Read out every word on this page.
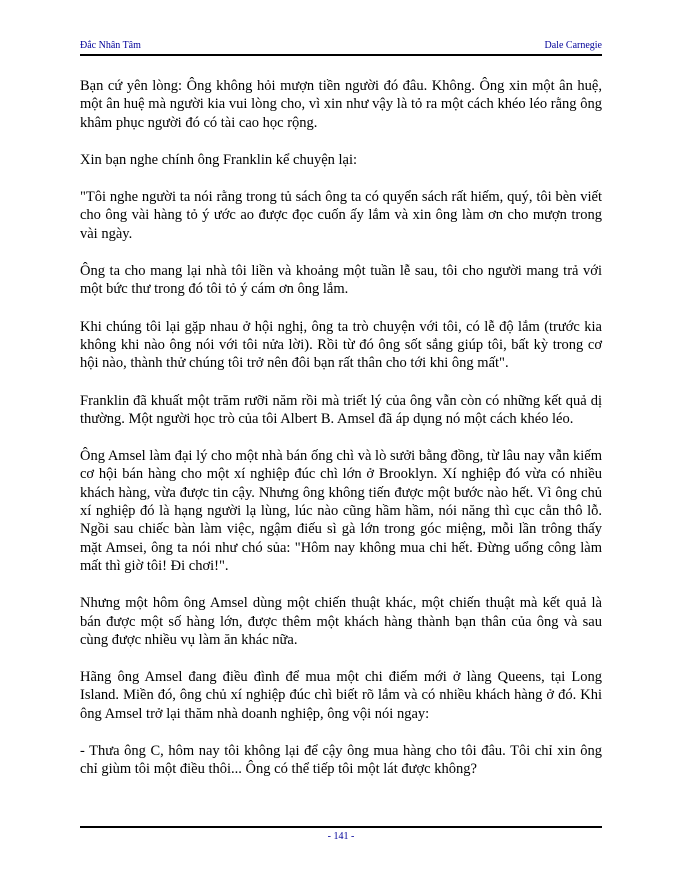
Đắc Nhân Tâm	Dale Carnegie

Bạn cứ yên lòng: Ông không hỏi mượn tiền người đó đâu. Không. Ông xin một ân huệ, một ân huệ mà người kia vui lòng cho, vì xin như vậy là tỏ ra một cách khéo léo rằng ông khâm phục người đó có tài cao học rộng.

Xin bạn nghe chính ông Franklin kể chuyện lại:

"Tôi nghe người ta nói rằng trong tủ sách ông ta có quyển sách rất hiếm, quý, tôi bèn viết cho ông vài hàng tỏ ý ước ao được đọc cuốn ấy lắm và xin ông làm ơn cho mượn trong vài ngày.

Ông ta cho mang lại nhà tôi liền và khoảng một tuần lễ sau, tôi cho người mang trả với một bức thư trong đó tôi tỏ ý cám ơn ông lắm.

Khi chúng tôi lại gặp nhau ở hội nghị, ông ta trò chuyện với tôi, có lễ độ lắm (trước kia không khi nào ông nói với tôi nửa lời). Rồi từ đó ông sốt sắng giúp tôi, bất kỳ trong cơ hội nào, thành thử chúng tôi trở nên đôi bạn rất thân cho tới khi ông mất".

Franklin đã khuất một trăm rưỡi năm rồi mà triết lý của ông vẫn còn có những kết quả dị thường. Một người học trò của tôi Albert B. Amsel đã áp dụng nó một cách khéo léo.

Ông Amsel làm đại lý cho một nhà bán ống chì và lò sưởi bằng đồng, từ lâu nay vẫn kiếm cơ hội bán hàng cho một xí nghiệp đúc chì lớn ở Brooklyn. Xí nghiệp đó vừa có nhiều khách hàng, vừa được tin cậy. Nhưng ông không tiến được một bước nào hết. Vì ông chủ xí nghiệp đó là hạng người lạ lùng, lúc nào cũng hầm hầm, nói năng thì cục cằn thô lỗ. Ngồi sau chiếc bàn làm việc, ngậm điếu sì gà lớn trong góc miệng, mỗi lần trông thấy mặt Amsei, ông ta nói như chó sủa: "Hôm nay không mua chi hết. Đừng uổng công làm mất thì giờ tôi! Đi chơi!".

Nhưng một hôm ông Amsel dùng một chiến thuật khác, một chiến thuật mà kết quả là bán được một số hàng lớn, được thêm một khách hàng thành bạn thân của ông và sau cùng được nhiều vụ làm ăn khác nữa.

Hãng ông Amsel đang điều đình để mua một chi điếm mới ở làng Queens, tại Long Island. Miền đó, ông chủ xí nghiệp đúc chì biết rõ lắm và có nhiều khách hàng ở đó. Khi ông Amsel trở lại thăm nhà doanh nghiệp, ông vội nói ngay:

- Thưa ông C, hôm nay tôi không lại để cậy ông mua hàng cho tôi đâu. Tôi chỉ xin ông chỉ giùm tôi một điều thôi... Ông có thể tiếp tôi một lát được không?

- 141 -
